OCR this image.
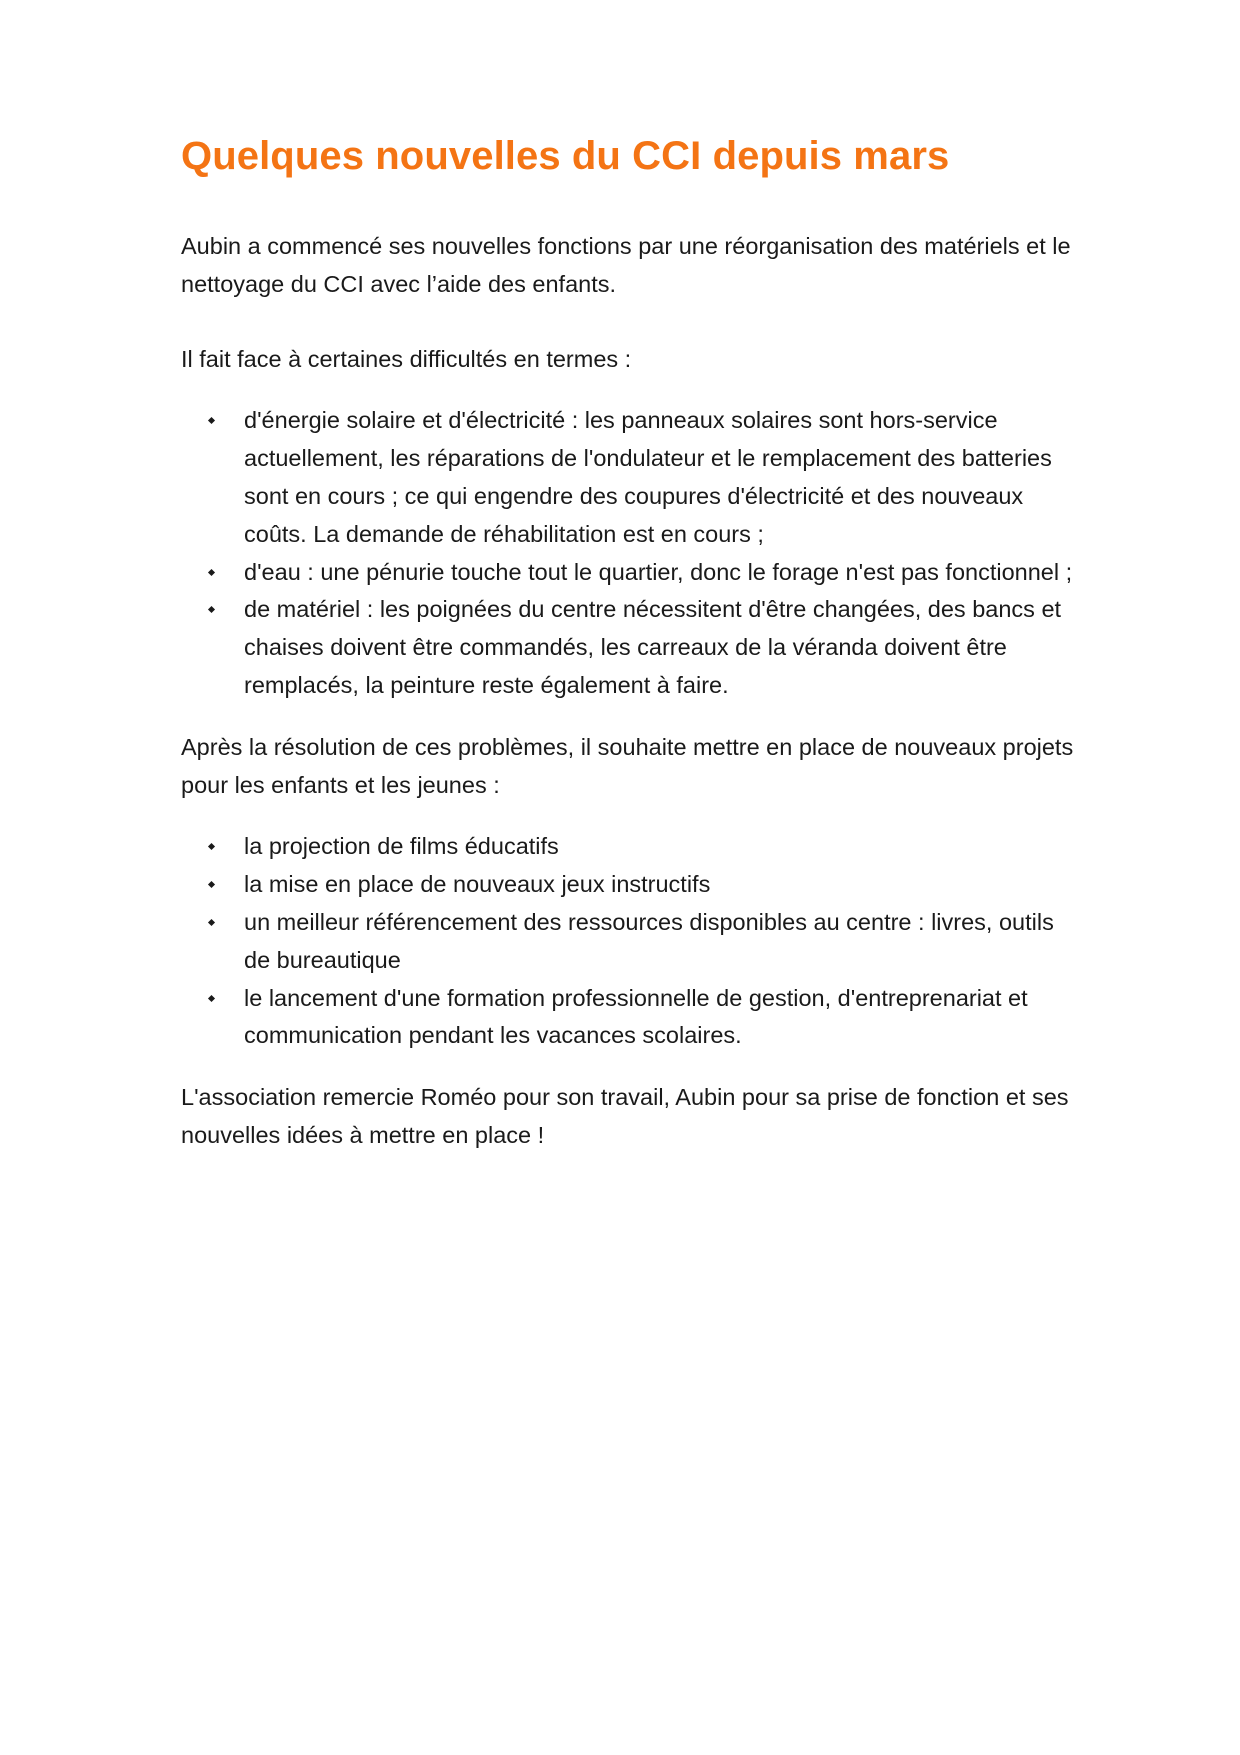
Quelques nouvelles du CCI depuis mars

Aubin a commencé ses nouvelles fonctions par une réorganisation des matériels et le nettoyage du CCI avec l’aide des enfants.

Il fait face à certaines difficultés en termes :

d'énergie solaire et d'électricité : les panneaux solaires sont hors-service actuellement, les réparations de l'ondulateur et le remplacement des batteries sont en cours ; ce qui engendre des coupures d'électricité et des nouveaux coûts. La demande de réhabilitation est en cours ;
d'eau : une pénurie touche tout le quartier, donc le forage n'est pas fonctionnel ;
de matériel : les poignées du centre nécessitent d'être changées, des bancs et chaises doivent être commandés, les carreaux de la véranda doivent être remplacés, la peinture reste également à faire.

Après la résolution de ces problèmes, il souhaite mettre en place de nouveaux projets pour les enfants et les jeunes :

la projection de films éducatifs
la mise en place de nouveaux jeux instructifs
un meilleur référencement des ressources disponibles au centre : livres, outils de bureautique
le lancement d'une formation professionnelle de gestion, d'entreprenariat et communication pendant les vacances scolaires.

L'association remercie Roméo pour son travail, Aubin pour sa prise de fonction et ses nouvelles idées à mettre en place !
